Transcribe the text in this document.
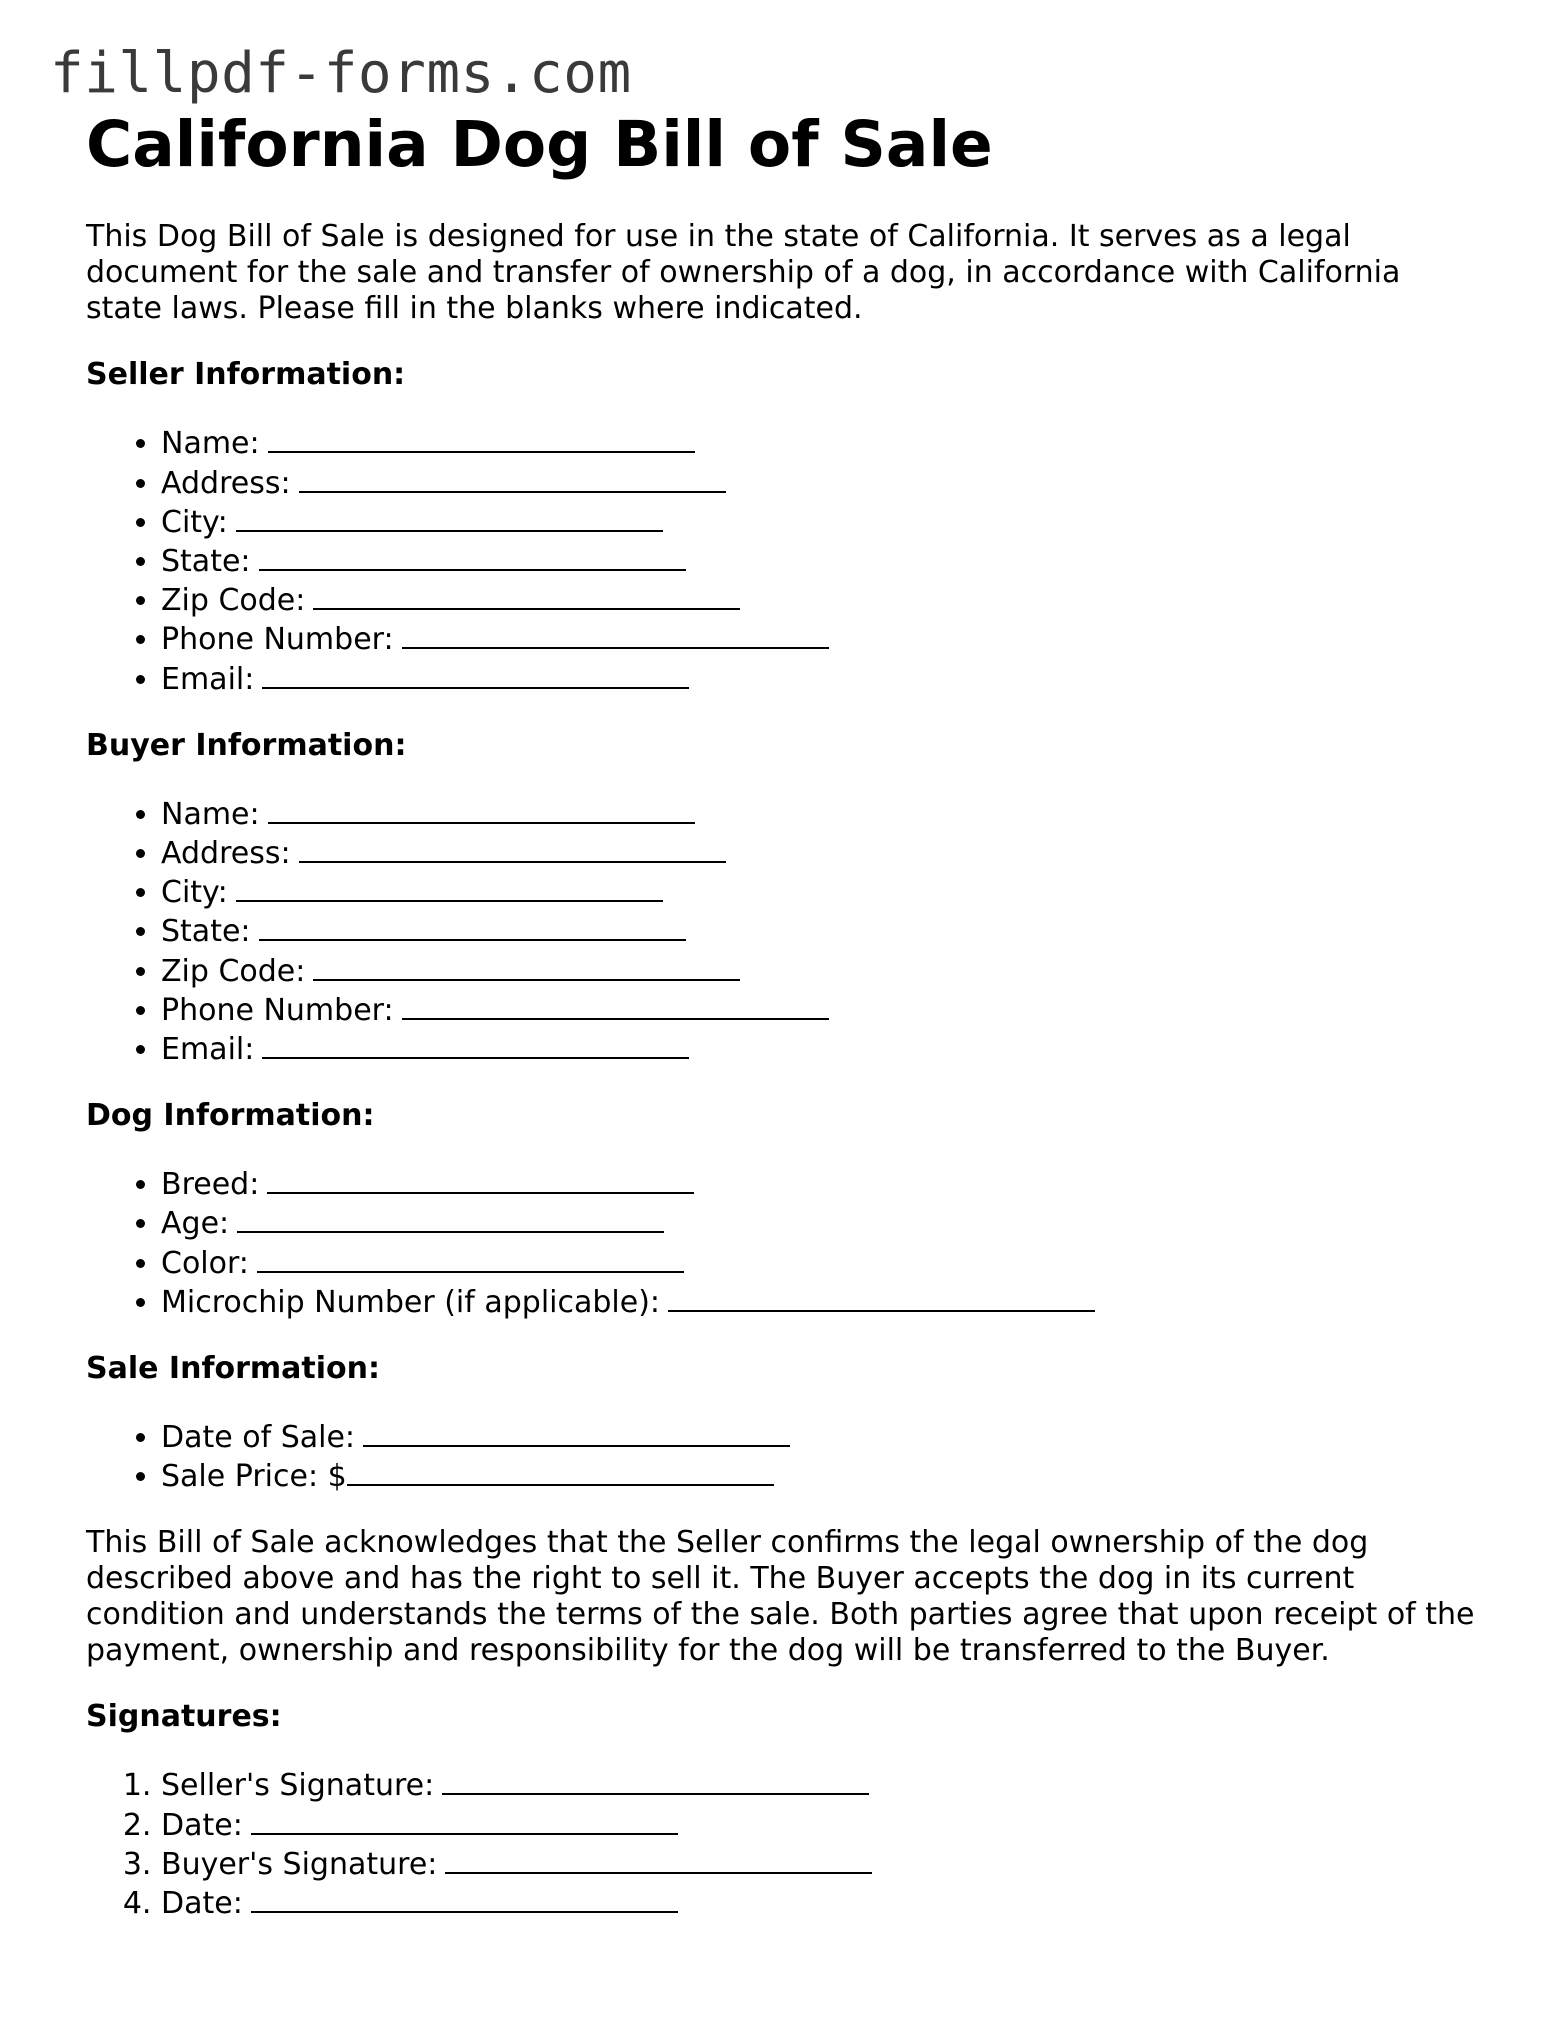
fillpdf-forms.com
California Dog Bill of Sale

This Dog Bill of Sale is designed for use in the state of California. It serves as a legal document for the sale and transfer of ownership of a dog, in accordance with California state laws. Please fill in the blanks where indicated.

Seller Information:
• Name:
• Address:
• City:
• State:
• Zip Code:
• Phone Number:
• Email:
Buyer Information:
• Name:
• Address:
• City:
• State:
• Zip Code:
• Phone Number:
• Email:
Dog Information:
• Breed:
• Age:
• Color:
• Microchip Number (if applicable):
Sale Information:
• Date of Sale:
• Sale Price: $

This Bill of Sale acknowledges that the Seller confirms the legal ownership of the dog described above and has the right to sell it. The Buyer accepts the dog in its current condition and understands the terms of the sale. Both parties agree that upon receipt of the payment, ownership and responsibility for the dog will be transferred to the Buyer.

Signatures:
1. Seller's Signature:
2. Date:
3. Buyer's Signature:
4. Date:
